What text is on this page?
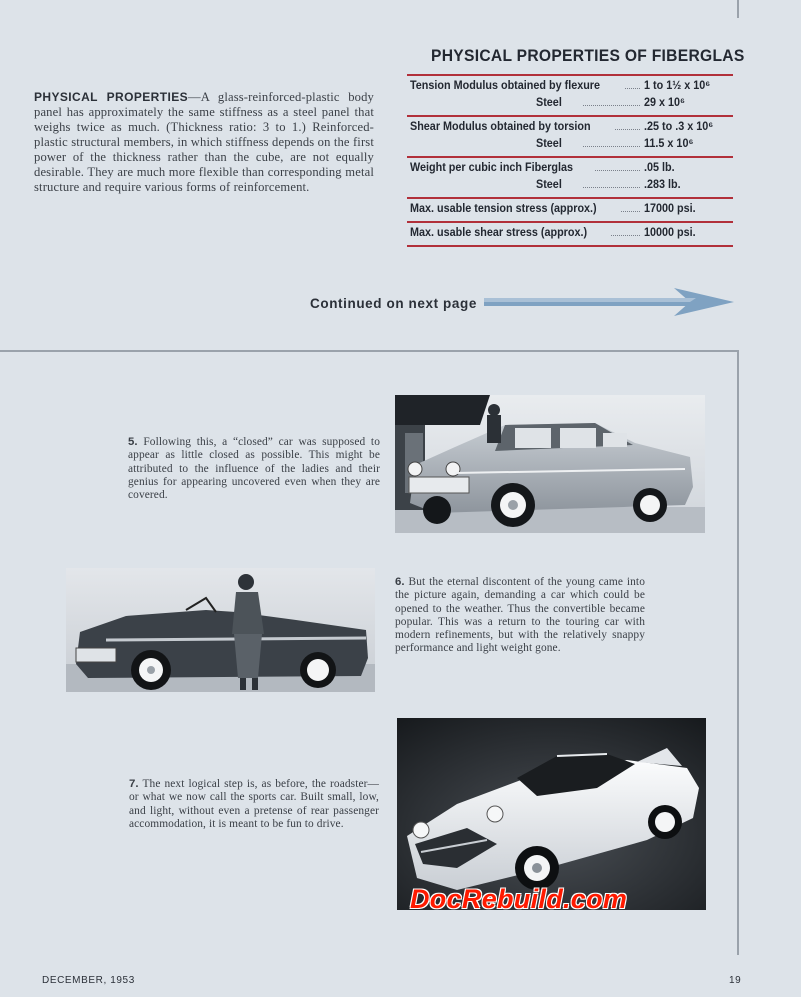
PHYSICAL PROPERTIES—A glass-reinforced-plastic body panel has approximately the same stiffness as a steel panel that weighs twice as much. (Thickness ratio: 3 to 1.) Reinforced-plastic structural members, in which stiffness depends on the first power of the thickness rather than the cube, are not equally desirable. They are much more flexible than corresponding metal structure and require various forms of reinforcement.

PHYSICAL PROPERTIES OF FIBERGLAS
Tension Modulus obtained by flexure	1 to 1½ x 10⁶
Steel	29 x 10⁶
Shear Modulus obtained by torsion	.25 to .3 x 10⁶
Steel	11.5 x 10⁶
Weight per cubic inch Fiberglas	.05 lb.
Steel	.283 lb.
Max. usable tension stress (approx.)	17000 psi.
Max. usable shear stress (approx.)	10000 psi.
Continued on next page

5. Following this, a “closed” car was supposed to appear as little closed as possible. This might be attributed to the influence of the ladies and their genius for appearing uncovered even when they are covered.

6. But the eternal discontent of the young came into the picture again, demanding a car which could be opened to the weather. Thus the convertible became popular. This was a return to the touring car with modern refinements, but with the relatively snappy performance and light weight gone.

7. The next logical step is, as before, the roadster—or what we now call the sports car. Built small, low, and light, without even a pretense of rear passenger accommodation, it is meant to be fun to drive.

DocRebuild.com
DECEMBER, 1953	19
